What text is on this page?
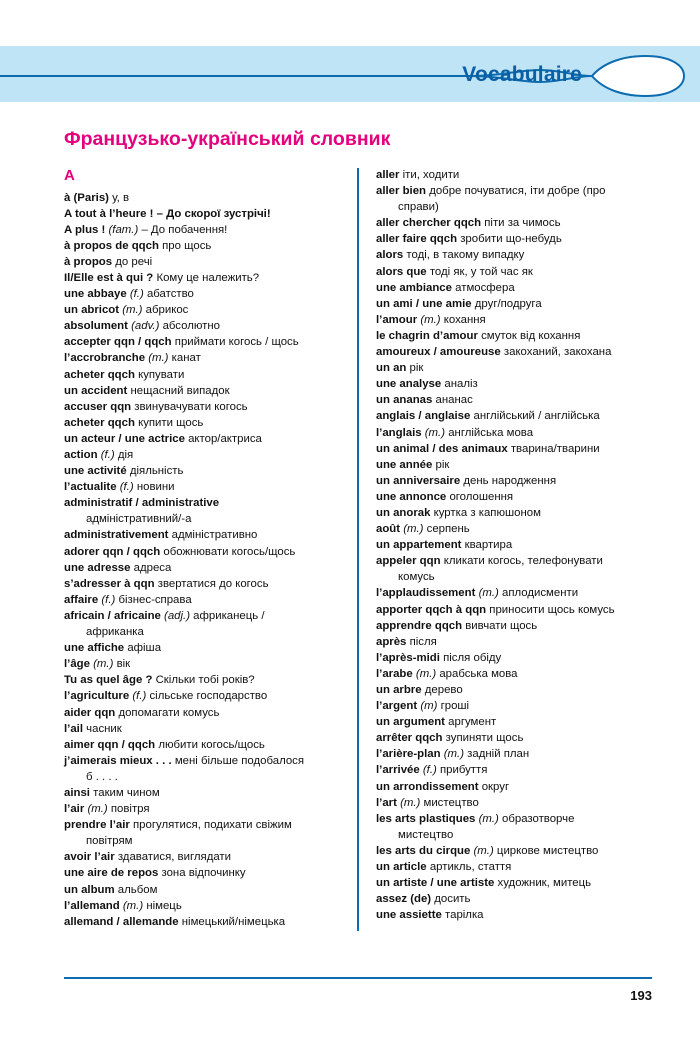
Vocabulaire
Французько-український словник
A
à (Paris) у, в
A tout à l’heure ! – До скорої зустрічі!
A plus ! (fam.) – До побачення!
à propos de qqch про щось
à propos до речі
Il/Elle est à qui ? Кому це належить?
une abbaye (f.) абатство
un abricot (m.) абрикос
absolument (adv.) абсолютно
accepter qqn / qqch приймати когось / щось
l’accrobranche (m.) канат
acheter qqch купувати
un accident нещасний випадок
accuser qqn звинувачувати когось
acheter qqch купити щось
un acteur / une actrice актор/актриса
action (f.) дія
une activité діяльність
l’actualite (f.) новини
administratif / administrative
адміністративний/-а
administrativement адміністративно
adorer qqn / qqch обожнювати когось/щось
une adresse адреса
s’adresser à qqn звертатися до когось
affaire (f.) бізнес-справа
africain / africaine (adj.) африканець /
африканка
une affiche афіша
l’âge (m.) вік
Tu as quel âge ? Скільки тобі років?
l’agriculture (f.) сільське господарство
aider qqn допомагати комусь
l’ail часник
aimer qqn / qqch любити когось/щось
j’aimerais mieux . . . мені більше подобалося
б . . . .
ainsi таким чином
l’air (m.) повітря
prendre l’air прогулятися, подихати свіжим
повітрям
avoir l’air здаватися, виглядати
une aire de repos зона відпочинку
un album альбом
l’allemand (m.) німець
allemand / allemande німецький/німецька
aller іти, ходити
aller bien добре почуватися, іти добре (про
справи)
aller chercher qqch піти за чимось
aller faire qqch зробити що-небудь
alors тоді, в такому випадку
alors que тоді як, у той час як
une ambiance атмосфера
un ami / une amie друг/подруга
l’amour (m.) кохання
le chagrin d’amour смуток від кохання
amoureux / amoureuse закоханий, закохана
un an рік
une analyse аналіз
un ananas ананас
anglais / anglaise англійський / англійська
l’anglais (m.) англійська мова
un animal / des animaux тварина/тварини
une année рік
un anniversaire день народження
une annonce оголошення
un anorak куртка з капюшоном
août (m.) серпень
un appartement квартира
appeler qqn кликати когось, телефонувати
комусь
l’applaudissement (m.) аплодисменти
apporter qqch à qqn приносити щось комусь
apprendre qqch вивчати щось
après після
l’après-midi після обіду
l’arabe (m.) арабська мова
un arbre дерево
l’argent (m) гроші
un argument аргумент
arrêter qqch зупиняти щось
l’arière-plan (m.) задній план
l’arrivée (f.) прибуття
un arrondissement округ
l’art (m.) мистецтво
les arts plastiques (m.) образотворче
мистецтво
les arts du cirque (m.) циркове мистецтво
un article артикль, стаття
un artiste / une artiste художник, митець
assez (de) досить
une assiette тарілка
193
